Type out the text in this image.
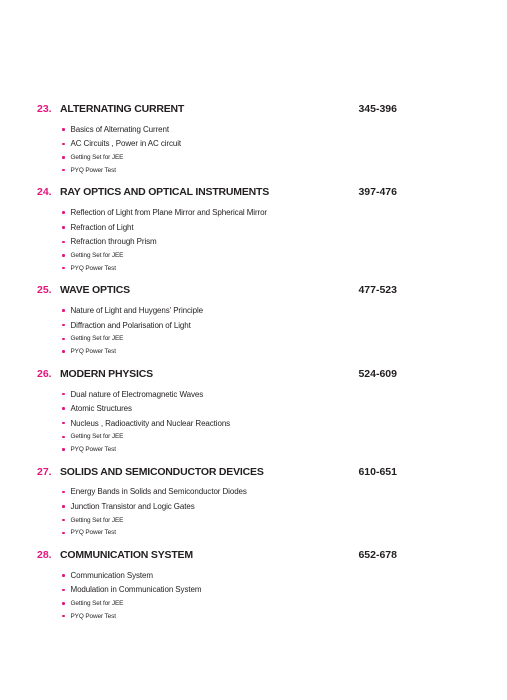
23. ALTERNATING CURRENT	345-396
Basics of Alternating Current
AC Circuits , Power in AC circuit
Getting Set for JEE
PYQ Power Test
24. RAY OPTICS AND OPTICAL INSTRUMENTS	397-476
Reflection of Light from Plane Mirror and Spherical Mirror
Refraction of Light
Refraction through Prism
Getting Set for JEE
PYQ Power Test
25. WAVE OPTICS	477-523
Nature of Light and Huygens' Principle
Diffraction and Polarisation of Light
Getting Set for JEE
PYQ Power Test
26. MODERN PHYSICS	524-609
Dual nature of Electromagnetic Waves
Atomic Structures
Nucleus , Radioactivity and Nuclear Reactions
Getting Set for JEE
PYQ Power Test
27. SOLIDS AND SEMICONDUCTOR DEVICES	610-651
Energy Bands in Solids and Semiconductor Diodes
Junction Transistor and Logic Gates
Getting Set for JEE
PYQ Power Test
28. COMMUNICATION SYSTEM	652-678
Communication System
Modulation in Communication System
Getting Set for JEE
PYQ Power Test
